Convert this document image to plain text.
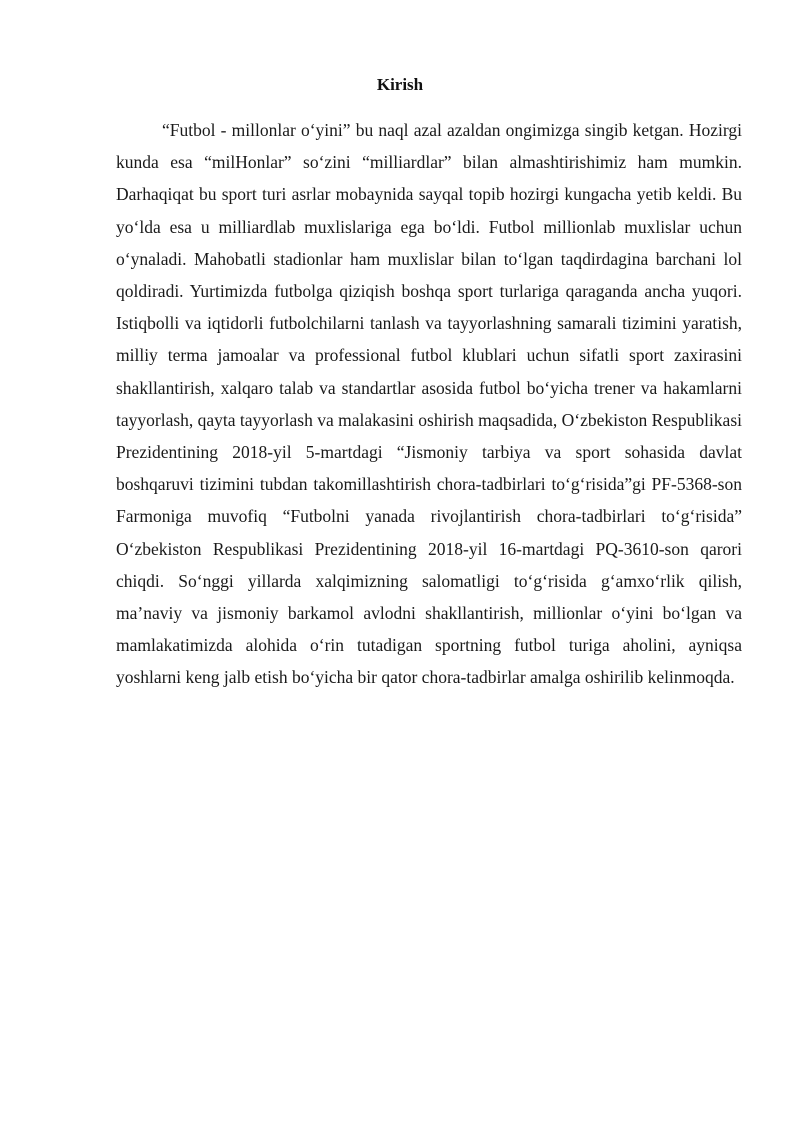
Kirish

“Futbol - millonlar o‘yini” bu naql azal azaldan ongimizga singib ketgan. Hozirgi kunda esa “milHonlar” so‘zini “milliardlar” bilan almashtirishimiz ham mumkin. Darhaqiqat bu sport turi asrlar mobaynida sayqal topib hozirgi kungacha yetib keldi. Bu yo‘lda esa u milliardlab muxlislariga ega bo‘ldi. Futbol millionlab muxlislar uchun o‘ynaladi. Mahobatli stadionlar ham muxlislar bilan to‘lgan taqdirdagina barchani lol qoldiradi. Yurtimizda futbolga qiziqish boshqa sport turlariga qaraganda ancha yuqori. Istiqbolli va iqtidorli futbolchilarni tanlash va tayyorlashning samarali tizimini yaratish, milliy terma jamoalar va professional futbol klublari uchun sifatli sport zaxirasini shakllantirish, xalqaro talab va standartlar asosida futbol bo‘yicha trener va hakamlarni tayyorlash, qayta tayyorlash va malakasini oshirish maqsadida, O‘zbekiston Respublikasi Prezidentining 2018-yil 5-martdagi “Jismoniy tarbiya va sport sohasida davlat boshqaruvi tizimini tubdan takomillashtirish chora-tadbirlari to‘g‘risida”gi PF-5368-son Farmoniga muvofiq “Futbolni yanada rivojlantirish chora-tadbirlari to‘g‘risida” O‘zbekiston Respublikasi Prezidentining 2018-yil 16-martdagi PQ-3610-son qarori chiqdi. So‘nggi yillarda xalqimizning salomatligi to‘g‘risida g‘amxo‘rlik qilish, ma’naviy va jismoniy barkamol avlodni shakllantirish, millionlar o‘yini bo‘lgan va mamlakatimizda alohida o‘rin tutadigan sportning futbol turiga aholini, ayniqsa yoshlarni keng jalb etish bo‘yicha bir qator chora-tadbirlar amalga oshirilib kelinmoqda.
